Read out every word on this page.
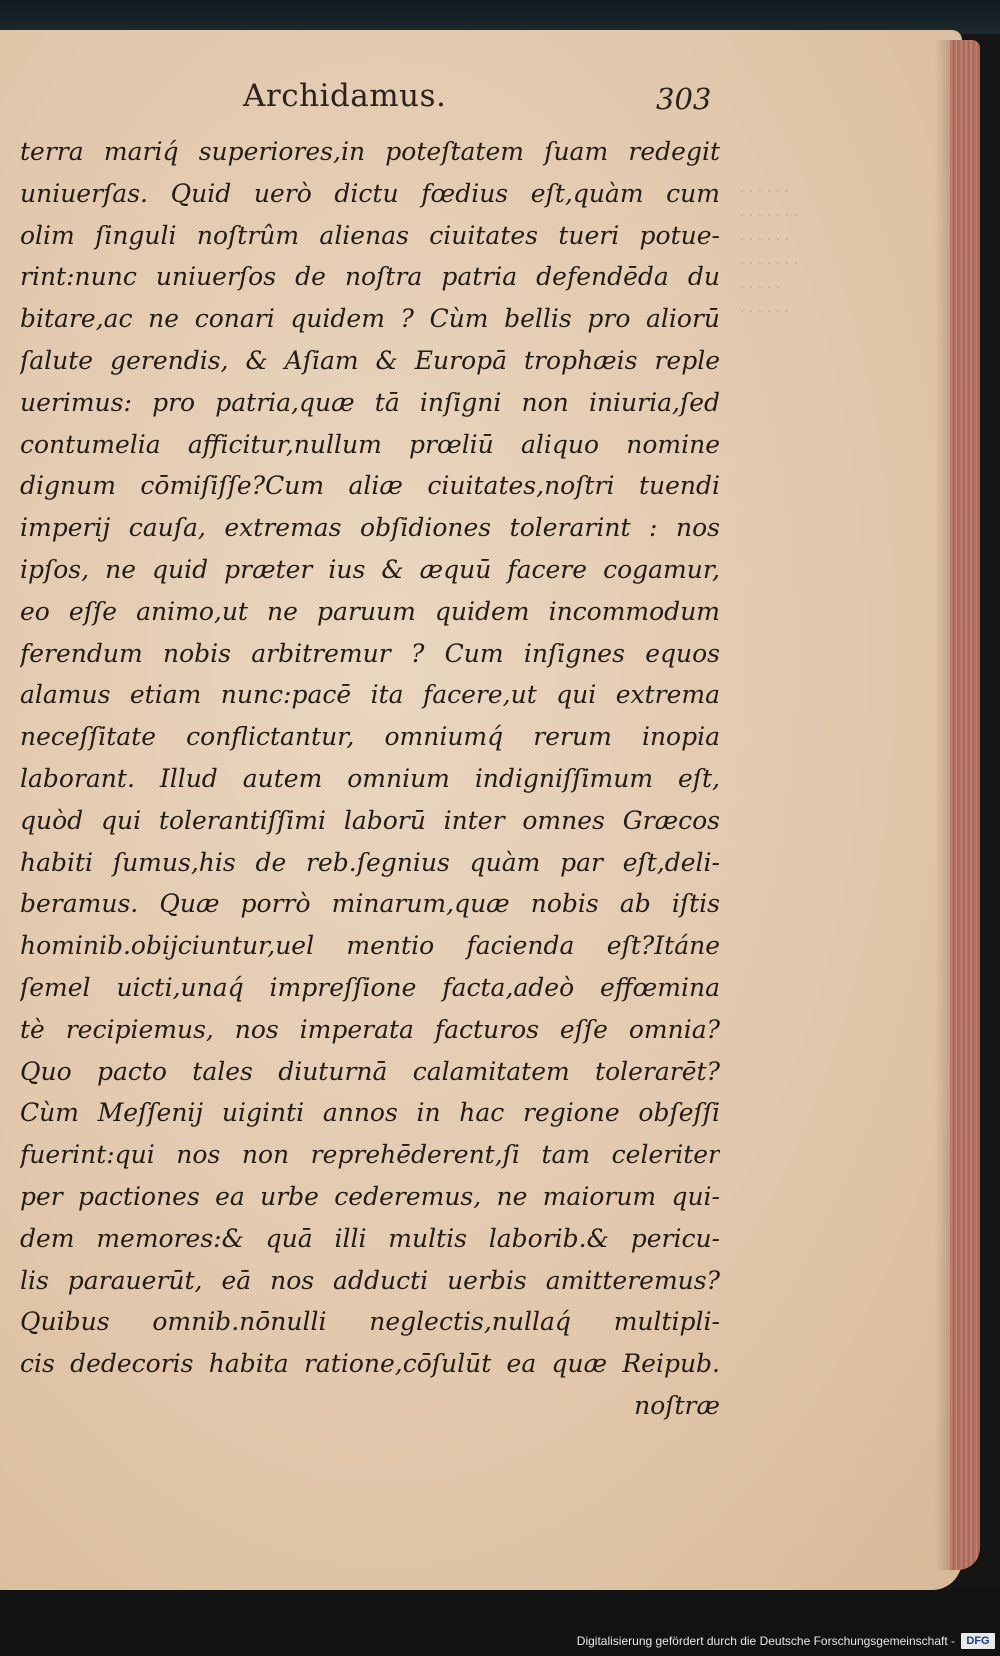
· · · · · ·
· · · · · · ·
· · · · · ·
· · · · · · ·
· · · · ·
· · · · · ·
Archidamus.	303
terra mariq́ superiores,in poteſtatem ſuam redegit
uniuerſas. Quid uerò dictu fœdius eſt,quàm cum
olim ſinguli noſtrûm alienas ciuitates tueri potue-
rint:nunc uniuerſos de noſtra patria defendēda du
bitare,ac ne conari quidem ? Cùm bellis pro aliorū
ſalute gerendis, & Aſiam & Europā trophæis reple
uerimus: pro patria,quæ tā inſigni non iniuria,ſed
contumelia afficitur,nullum prœliū aliquo nomine
dignum cōmiſiſſe?Cum aliæ ciuitates,noſtri tuendi
imperij cauſa, extremas obſidiones tolerarint : nos
ipſos, ne quid præter ius & æquū facere cogamur,
eo eſſe animo,ut ne paruum quidem incommodum
ferendum nobis arbitremur ? Cum inſignes equos
alamus etiam nunc:pacē ita facere,ut qui extrema
neceſſitate conflictantur, omniumq́ rerum inopia
laborant. Illud autem omnium indigniſſimum eſt,
quòd qui tolerantiſſimi laborū inter omnes Græcos
habiti ſumus,his de reb.ſegnius quàm par eſt,deli-
beramus. Quæ porrò minarum,quæ nobis ab iſtis
hominib.obijciuntur,uel mentio facienda eſt?Itáne
ſemel uicti,unaq́ impreſſione facta,adeò effœmina
tè recipiemus, nos imperata facturos eſſe omnia?
Quo pacto tales diuturnā calamitatem tolerarēt?
Cùm Meſſenij uiginti annos in hac regione obſeſſi
fuerint:qui nos non reprehēderent,ſi tam celeriter
per pactiones ea urbe cederemus, ne maiorum qui-
dem memores:& quā illi multis laborib.& pericu-
lis parauerūt, eā nos adducti uerbis amitteremus?
Quibus omnib.nōnulli neglectis,nullaq́ multipli-
cis dedecoris habita ratione,cōſulūt ea quæ Reipub.
noſtræ
Digitalisierung gefördert durch die Deutsche Forschungsgemeinschaft -	DFG
